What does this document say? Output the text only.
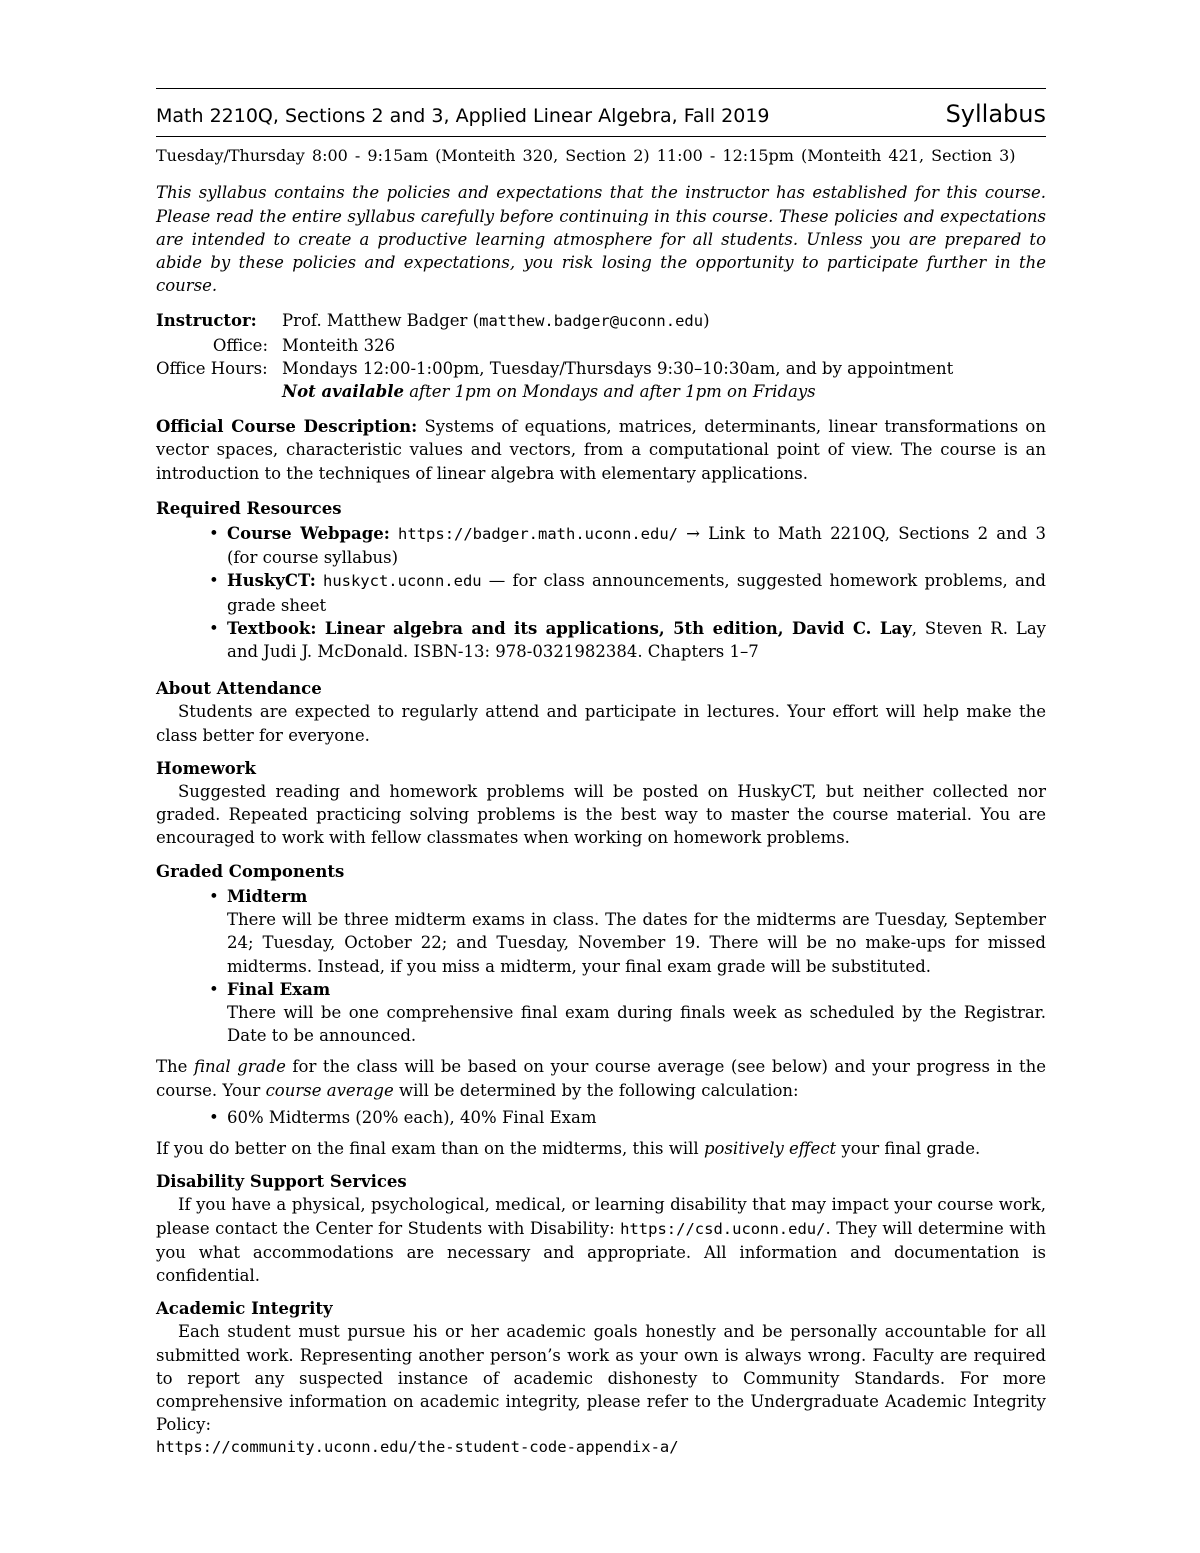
Math 2210Q, Sections 2 and 3, Applied Linear Algebra, Fall 2019	Syllabus
Tuesday/Thursday 8:00 - 9:15am (Monteith 320, Section 2) 11:00 - 12:15pm (Monteith 421, Section 3)
This syllabus contains the policies and expectations that the instructor has established for this course. Please read the entire syllabus carefully before continuing in this course. These policies and expectations are intended to create a productive learning atmosphere for all students. Unless you are prepared to abide by these policies and expectations, you risk losing the opportunity to participate further in the course.
Instructor:	Prof. Matthew Badger (matthew.badger@uconn.edu)
Office: Monteith 326
Office Hours: Mondays 12:00-1:00pm, Tuesday/Thursdays 9:30–10:30am, and by appointment
Not available after 1pm on Mondays and after 1pm on Fridays
Official Course Description: Systems of equations, matrices, determinants, linear transformations on vector spaces, characteristic values and vectors, from a computational point of view. The course is an introduction to the techniques of linear algebra with elementary applications.
Required Resources
• Course Webpage: https://badger.math.uconn.edu/ → Link to Math 2210Q, Sections 2 and 3 (for course syllabus)
• HuskyCT: huskyct.uconn.edu — for class announcements, suggested homework problems, and grade sheet
• Textbook: Linear algebra and its applications, 5th edition, David C. Lay, Steven R. Lay and Judi J. McDonald. ISBN-13: 978-0321982384. Chapters 1–7
About Attendance
Students are expected to regularly attend and participate in lectures. Your effort will help make the class better for everyone.
Homework
Suggested reading and homework problems will be posted on HuskyCT, but neither collected nor graded. Repeated practicing solving problems is the best way to master the course material. You are encouraged to work with fellow classmates when working on homework problems.
Graded Components
• Midterm
There will be three midterm exams in class. The dates for the midterms are Tuesday, September 24; Tuesday, October 22; and Tuesday, November 19. There will be no make-ups for missed midterms. Instead, if you miss a midterm, your final exam grade will be substituted.
• Final Exam
There will be one comprehensive final exam during finals week as scheduled by the Registrar. Date to be announced.
The final grade for the class will be based on your course average (see below) and your progress in the course. Your course average will be determined by the following calculation:
• 60% Midterms (20% each), 40% Final Exam
If you do better on the final exam than on the midterms, this will positively effect your final grade.
Disability Support Services
If you have a physical, psychological, medical, or learning disability that may impact your course work, please contact the Center for Students with Disability: https://csd.uconn.edu/. They will determine with you what accommodations are necessary and appropriate. All information and documentation is confidential.
Academic Integrity
Each student must pursue his or her academic goals honestly and be personally accountable for all submitted work. Representing another person’s work as your own is always wrong. Faculty are required to report any suspected instance of academic dishonesty to Community Standards. For more comprehensive information on academic integrity, please refer to the Undergraduate Academic Integrity Policy:
https://community.uconn.edu/the-student-code-appendix-a/
